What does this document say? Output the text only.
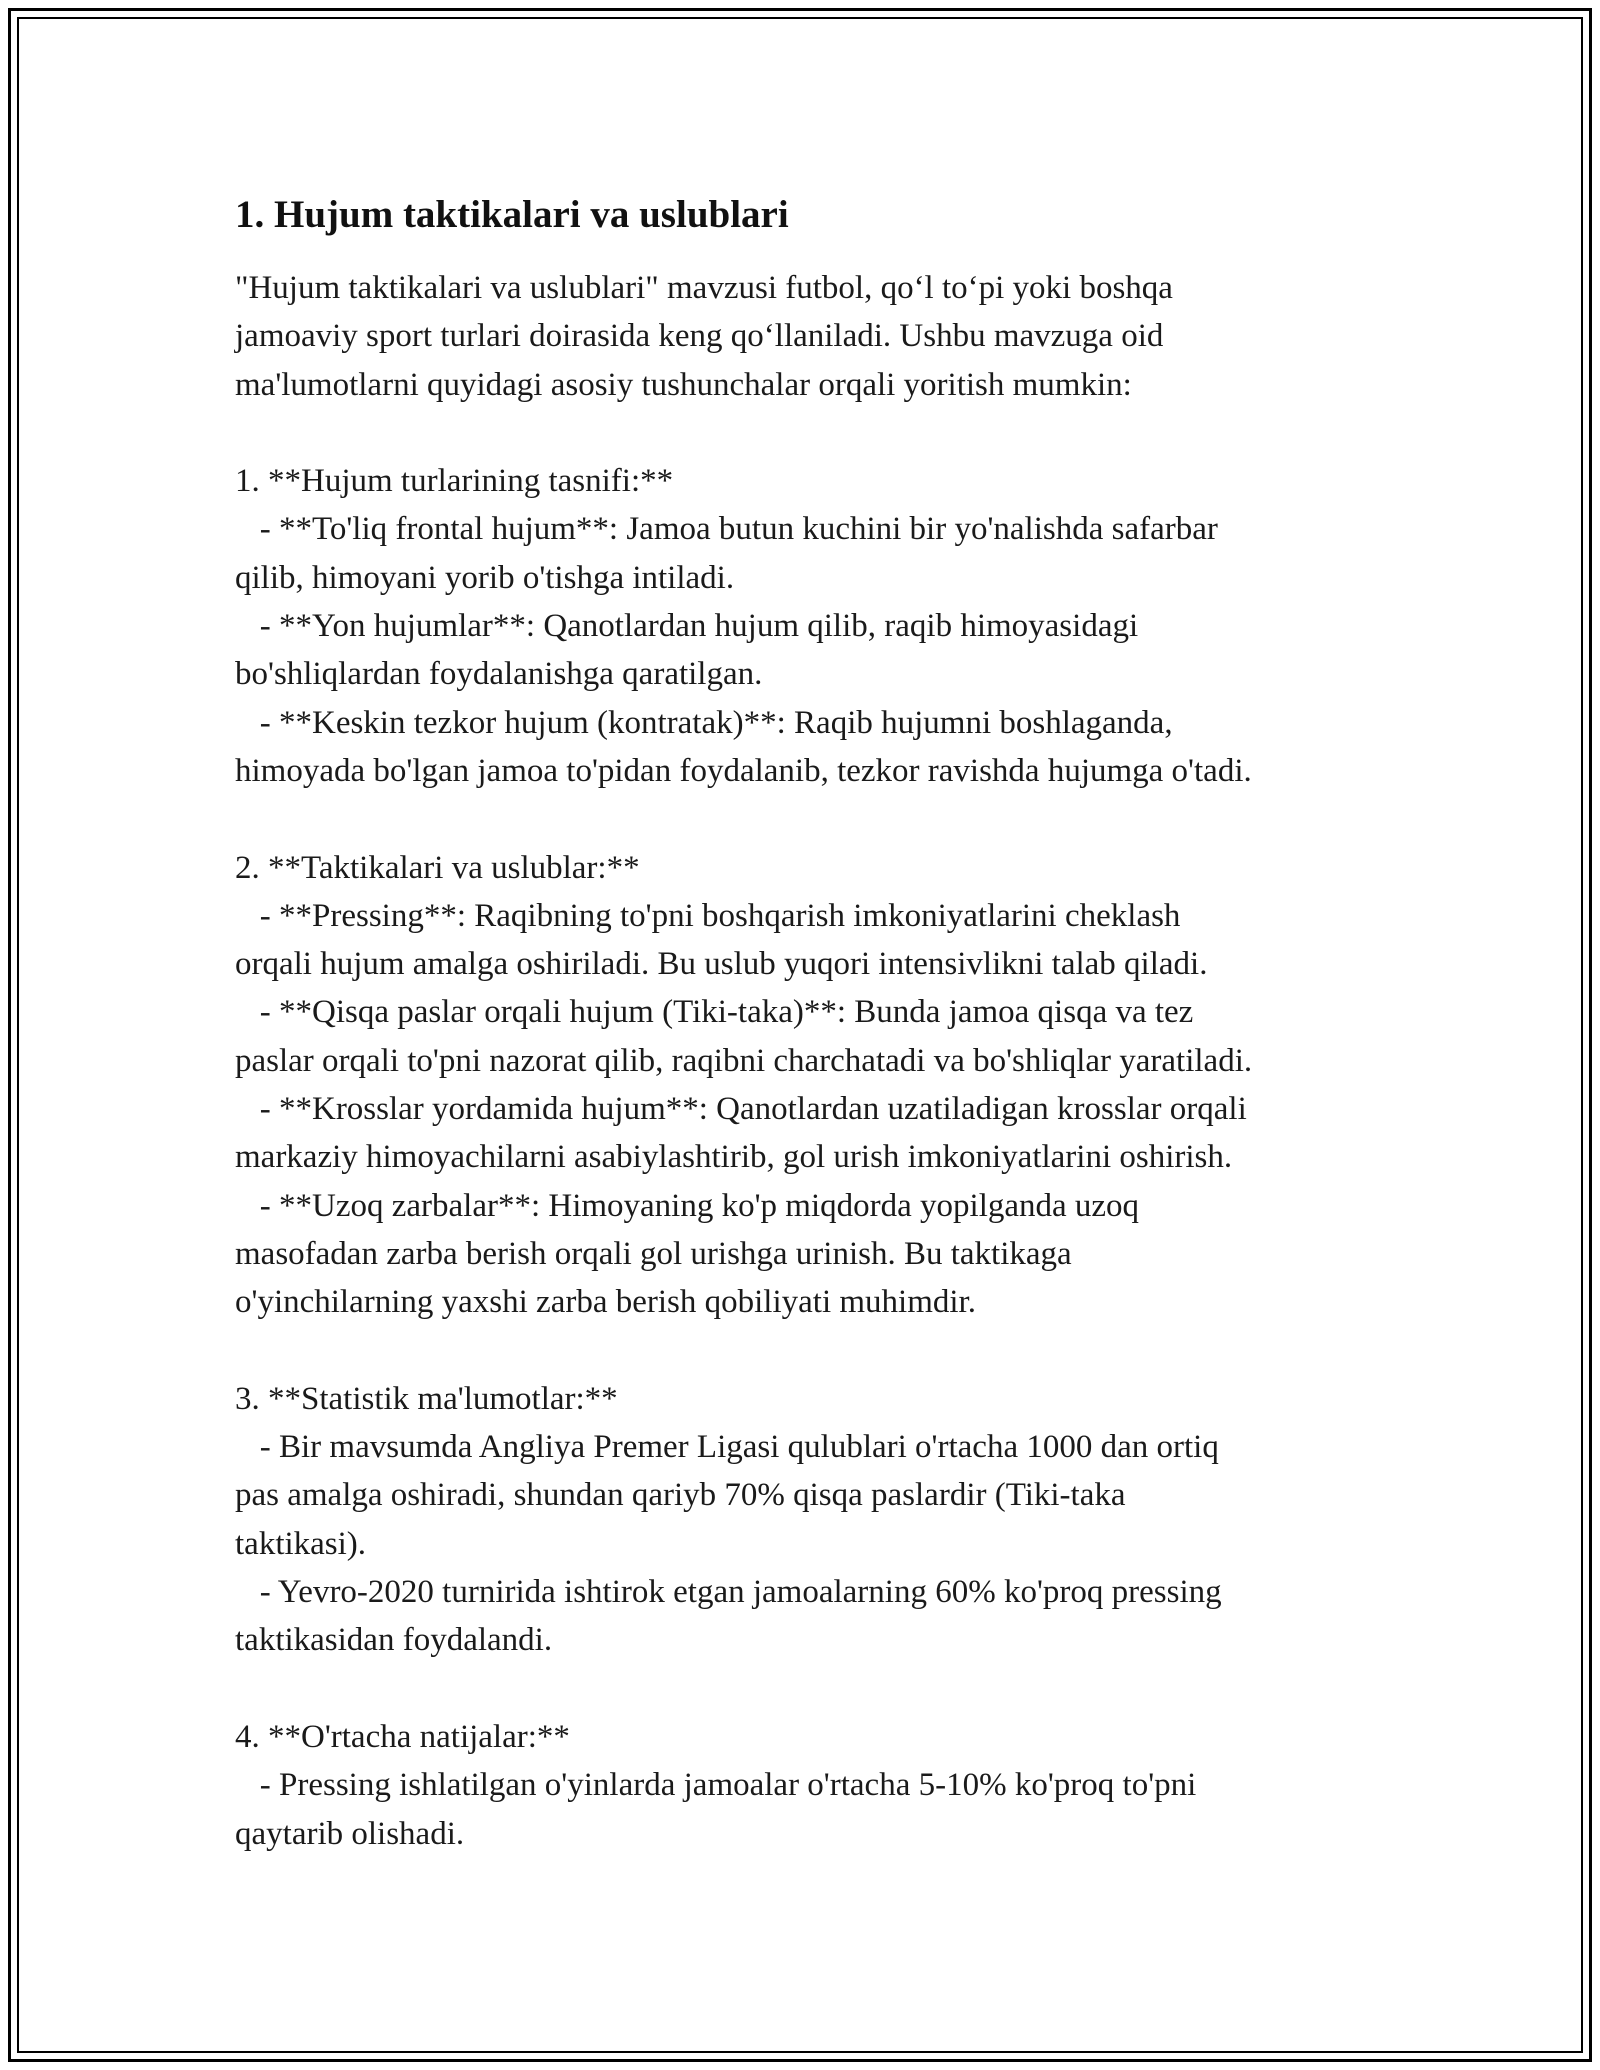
1. Hujum taktikalari va uslublari
"Hujum taktikalari va uslublari" mavzusi futbol, qo‘l to‘pi yoki boshqa
jamoaviy sport turlari doirasida keng qo‘llaniladi. Ushbu mavzuga oid
ma'lumotlarni quyidagi asosiy tushunchalar orqali yoritish mumkin:

1. **Hujum turlarining tasnifi:**
- **To'liq frontal hujum**: Jamoa butun kuchini bir yo'nalishda safarbar
qilib, himoyani yorib o'tishga intiladi.
- **Yon hujumlar**: Qanotlardan hujum qilib, raqib himoyasidagi
bo'shliqlardan foydalanishga qaratilgan.
- **Keskin tezkor hujum (kontratak)**: Raqib hujumni boshlaganda,
himoyada bo'lgan jamoa to'pidan foydalanib, tezkor ravishda hujumga o'tadi.

2. **Taktikalari va uslublar:**
- **Pressing**: Raqibning to'pni boshqarish imkoniyatlarini cheklash
orqali hujum amalga oshiriladi. Bu uslub yuqori intensivlikni talab qiladi.
- **Qisqa paslar orqali hujum (Tiki-taka)**: Bunda jamoa qisqa va tez
paslar orqali to'pni nazorat qilib, raqibni charchatadi va bo'shliqlar yaratiladi.
- **Krosslar yordamida hujum**: Qanotlardan uzatiladigan krosslar orqali
markaziy himoyachilarni asabiylashtirib, gol urish imkoniyatlarini oshirish.
- **Uzoq zarbalar**: Himoyaning ko'p miqdorda yopilganda uzoq
masofadan zarba berish orqali gol urishga urinish. Bu taktikaga
o'yinchilarning yaxshi zarba berish qobiliyati muhimdir.

3. **Statistik ma'lumotlar:**
- Bir mavsumda Angliya Premer Ligasi qulublari o'rtacha 1000 dan ortiq
pas amalga oshiradi, shundan qariyb 70% qisqa paslardir (Tiki-taka
taktikasi).
- Yevro-2020 turnirida ishtirok etgan jamoalarning 60% ko'proq pressing
taktikasidan foydalandi.

4. **O'rtacha natijalar:**
- Pressing ishlatilgan o'yinlarda jamoalar o'rtacha 5-10% ko'proq to'pni
qaytarib olishadi.
